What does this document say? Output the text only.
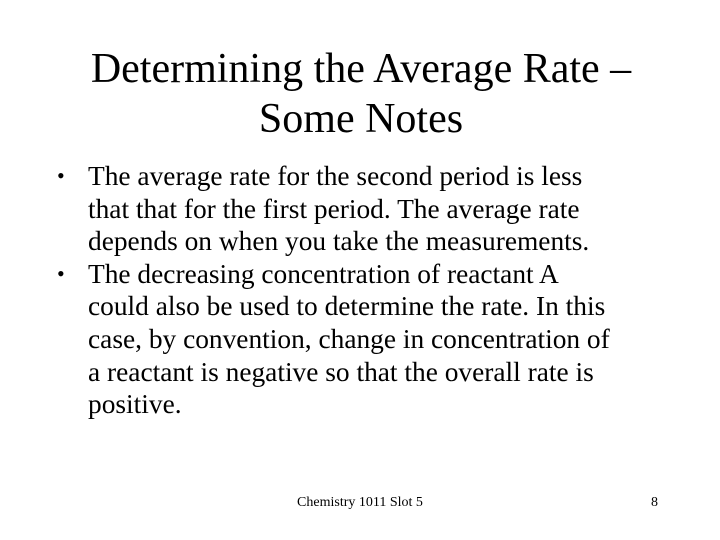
Determining the Average Rate –
Some Notes
• The average rate for the second period is less
that that for the first period. The average rate
depends on when you take the measurements.
• The decreasing concentration of reactant A
could also be used to determine the rate. In this
case, by convention, change in concentration of
a reactant is negative so that the overall rate is
positive.
Chemistry 1011 Slot 5	8
